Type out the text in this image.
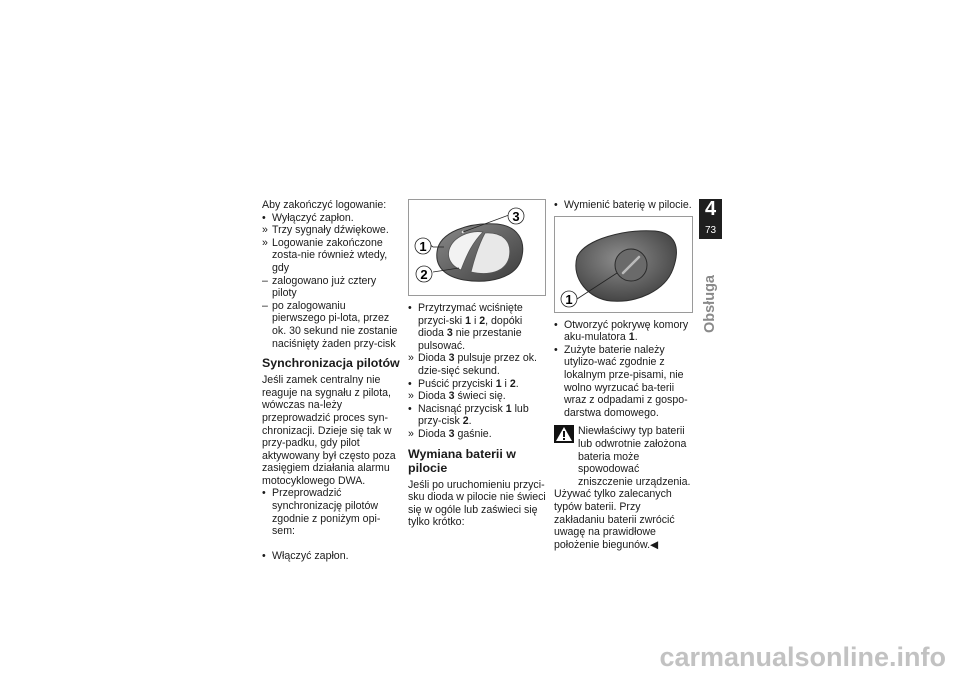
Aby zakończyć logowanie:
• Wyłączyć zapłon.
» Trzy sygnały dźwiękowe.
» Logowanie zakończone zosta-nie również wtedy, gdy
– zalogowano już cztery piloty
– po zalogowaniu pierwszego pi-lota, przez ok. 30 sekund nie zostanie naciśnięty żaden przy-cisk
Synchronizacja pilotów
Jeśli zamek centralny nie reaguje na sygnału z pilota, wówczas na-leży przeprowadzić proces syn-chronizacji. Dzieje się tak w przy-padku, gdy pilot aktywowany był często poza zasięgiem działania alarmu motocyklowego DWA.
• Przeprowadzić synchronizację pilotów zgodnie z poniżym opi-sem:
• Włączyć zapłon.
3
1
2
• Przytrzymać wciśnięte przyci-ski 1 i 2, dopóki dioda 3 nie przestanie pulsować.
» Dioda 3 pulsuje przez ok. dzie-sięć sekund.
• Puścić przyciski 1 i 2.
» Dioda 3 świeci się.
• Nacisnąć przycisk 1 lub przy-cisk 2.
» Dioda 3 gaśnie.
Wymiana baterii w pilocie
Jeśli po uruchomieniu przyci-sku dioda w pilocie nie świeci się w ogóle lub zaświeci się tylko krótko:
• Wymienić baterię w pilocie.
1
• Otworzyć pokrywę komory aku-mulatora 1.
• Zużyte baterie należy utylizo-wać zgodnie z lokalnym prze-pisami, nie wolno wyrzucać ba-terii wraz z odpadami z gospo-darstwa domowego.
Niewłaściwy typ baterii lub odwrotnie założona bateria może spowodować zniszczenie urządzenia.
Używać tylko zalecanych typów baterii. Przy zakładaniu baterii zwrócić uwagę na prawidłowe położenie biegunów.◀
4
73
Obsługa
carmanualsonline.info
